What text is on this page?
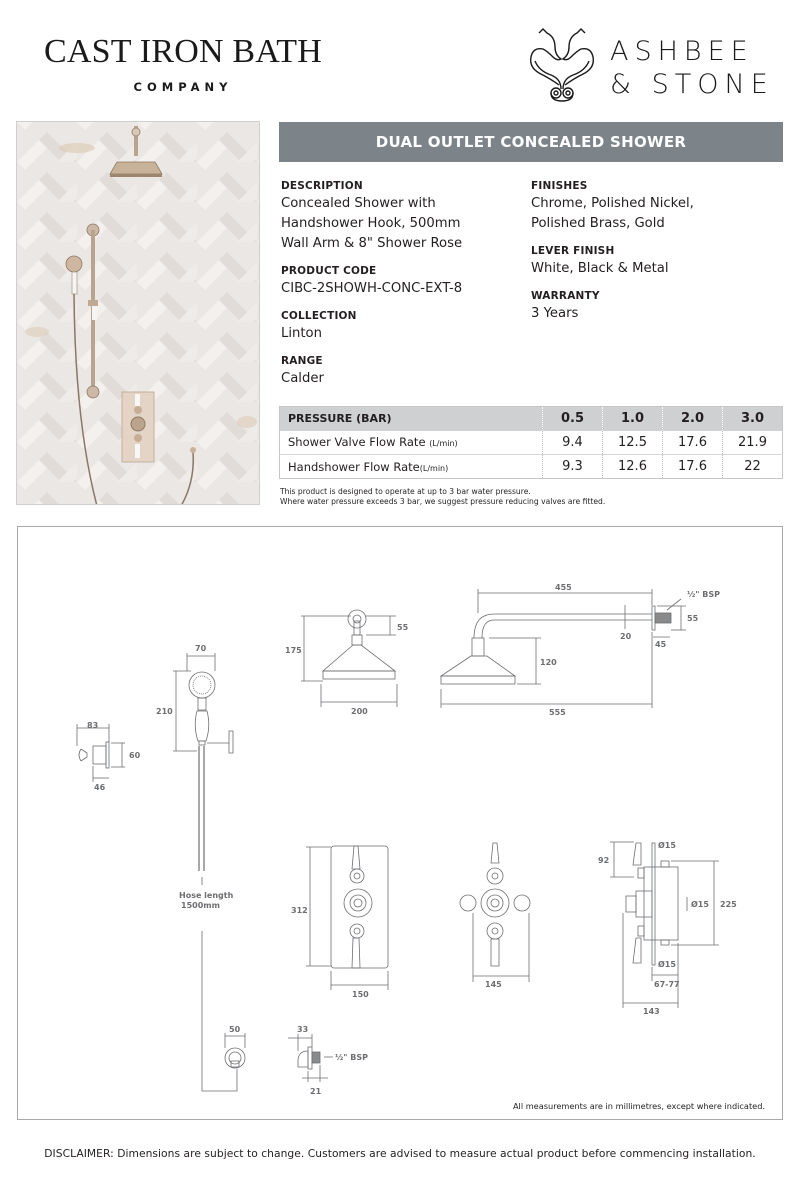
CAST IRON BATH
COMPANY
ASHBEE
& STONE
DUAL OUTLET CONCEALED SHOWER
DESCRIPTION
Concealed Shower with
Handshower Hook, 500mm
Wall Arm & 8" Shower Rose
PRODUCT CODE
CIBC-2SHOWH-CONC-EXT-8
COLLECTION
Linton
RANGE
Calder
FINISHES
Chrome, Polished Nickel,
Polished Brass, Gold
LEVER FINISH
White, Black & Metal
WARRANTY
3 Years
PRESSURE (BAR)	0.5	1.0	2.0	3.0
Shower Valve Flow Rate (L/min)	9.4	12.5	17.6	21.9
Handshower Flow Rate(L/min)	9.3	12.6	17.6	22
This product is designed to operate at up to 3 bar water pressure.
Where water pressure exceeds 3 bar, we suggest pressure reducing valves are fitted.
83
46
60
70
210
Hose length
1500mm
175
55
200
455
555
120
20
55
45
½" BSP
312
150
145
92
Ø15
Ø15 225
Ø15
67-77
143
50	33
21
½" BSP
All measurements are in millimetres, except where indicated.
DISCLAIMER: Dimensions are subject to change. Customers are advised to measure actual product before commencing installation.
